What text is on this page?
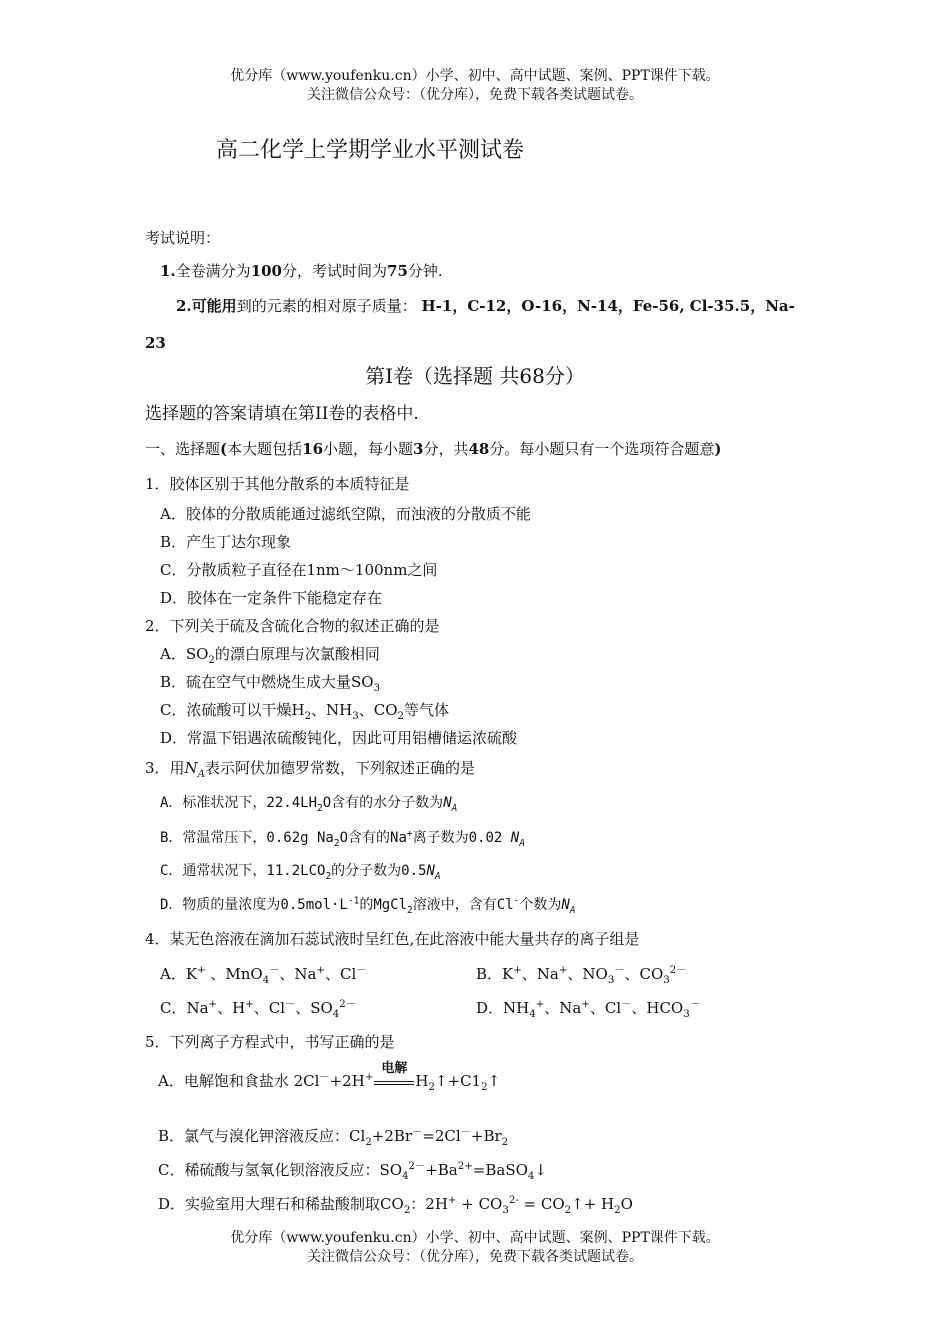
优分库（www.youfenku.cn）小学、初中、高中试题、案例、PPT课件下载。
关注微信公众号：（优分库），免费下载各类试题试卷。
高二化学上学期学业水平测试卷
考试说明：
1.全卷满分为100分，考试时间为75分钟.
2.可能用到的元素的相对原子质量： H-1，C-12，O-16，N-14，Fe-56, Cl-35.5，Na-
23
第Ⅰ卷（选择题 共68分）
选择题的答案请填在第II卷的表格中.
一、选择题(本大题包括16小题，每小题3分，共48分。每小题只有一个选项符合题意)
1．胶体区别于其他分散系的本质特征是
A．胶体的分散质能通过滤纸空隙，而浊液的分散质不能
B．产生丁达尔现象
C．分散质粒子直径在1nm～100nm之间
D．胶体在一定条件下能稳定存在
2．下列关于硫及含硫化合物的叙述正确的是
A．$SO_2$的漂白原理与次氯酸相同
B．硫在空气中燃烧生成大量$SO_3$
C．浓硫酸可以干燥$H_2$、$NH_3$、$CO_2$等气体
D．常温下铝遇浓硫酸钝化，因此可用铝槽储运浓硫酸
3．用$N_A$表示阿伏加德罗常数，下列叙述正确的是
A．标准状况下，$22.4LH_2O$含有的水分子数为$N_A$
B．常温常压下，0.62g $Na_2O$含有的Na+离子数为0.02 $N_A$
C．通常状况下，$11.2LCO_2$的分子数为$0.5N_A$
D．物质的量浓度为$0.5mol\cdot L^{-1}$的MgCl$_2$溶液中，含有Cl-个数为$N_A$
4．某无色溶液在滴加石蕊试液时呈红色,在此溶液中能大量共存的离子组是
A．K+ 、MnO$_4$－、Na+、Cl－	B．K+、Na+、$NO_3^-$、$CO_3^{2-}$
C．Na+、H+、Cl－、$SO_4^{2-}$	D．$NH_4^+$、Na+、Cl－、$HCO_3^-$
5．下列离子方程式中，书写正确的是
A．电解饱和食盐水 2Cl－+2H+
电解
$H_2↑+C1_2↑$
B．氯气与溴化钾溶液反应：$Cl_2+2Br^-=2Cl^-+Br_2$
C．稀硫酸与氢氧化钡溶液反应：$SO_4^{2-}+Ba^{2+}=BaSO_4↓$
D．实验室用大理石和稀盐酸制取$CO_2$：$2H^+ + CO_3^{2-}$ = $CO_2↑+ H_2O$
优分库（www.youfenku.cn）小学、初中、高中试题、案例、PPT课件下载。
关注微信公众号：（优分库），免费下载各类试题试卷。
